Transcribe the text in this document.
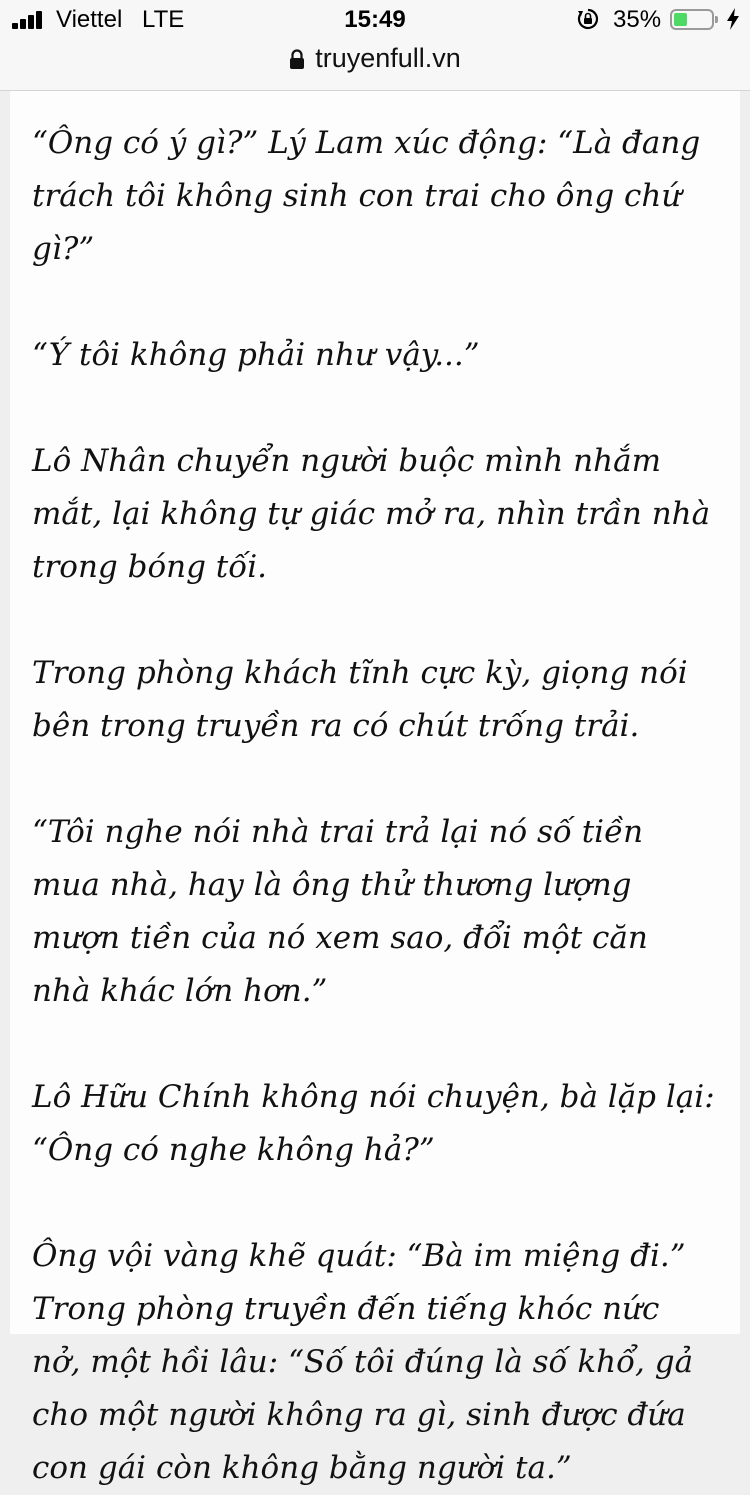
Viettel LTE	15:49	35%
truyenfull.vn

“Ông có ý gì?” Lý Lam xúc động: “Là đang trách tôi không sinh con trai cho ông chứ gì?”

“Ý tôi không phải như vậy...”

Lô Nhân chuyển người buộc mình nhắm mắt, lại không tự giác mở ra, nhìn trần nhà trong bóng tối.

Trong phòng khách tĩnh cực kỳ, giọng nói bên trong truyền ra có chút trống trải.

“Tôi nghe nói nhà trai trả lại nó số tiền mua nhà, hay là ông thử thương lượng mượn tiền của nó xem sao, đổi một căn nhà khác lớn hơn.”

Lô Hữu Chính không nói chuyện, bà lặp lại: “Ông có nghe không hả?”

Ông vội vàng khẽ quát: “Bà im miệng đi.” Trong phòng truyền đến tiếng khóc nức nở, một hồi lâu: “Số tôi đúng là số khổ, gả cho một người không ra gì, sinh được đứa con gái còn không bằng người ta.”
